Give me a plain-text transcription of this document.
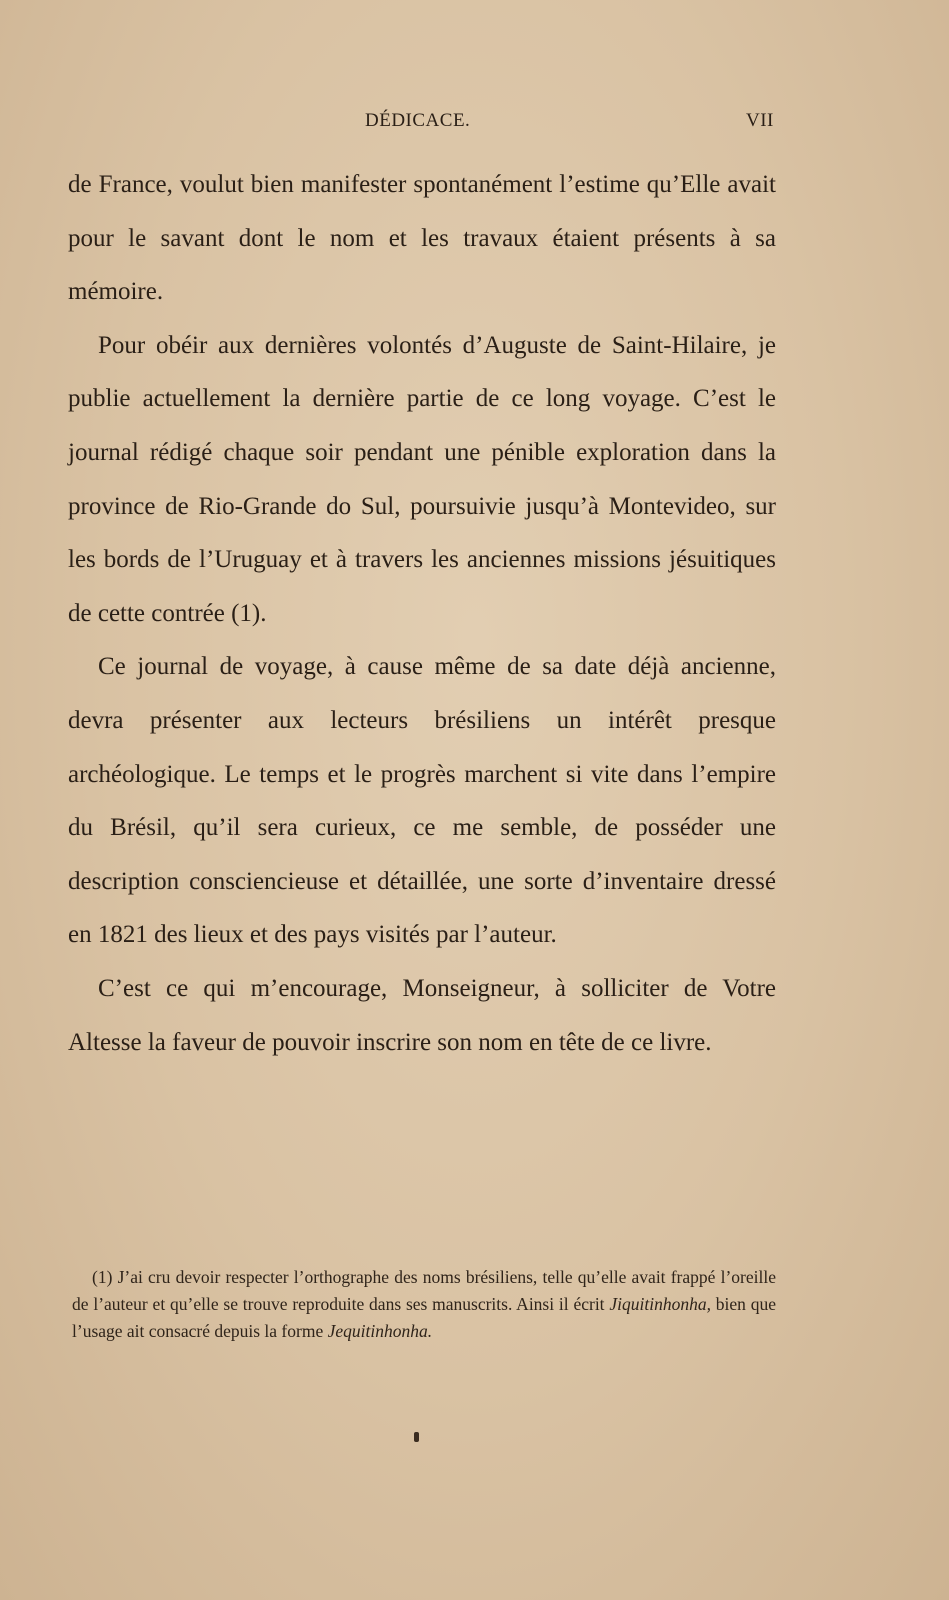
DÉDICACE.	VII

de France, voulut bien manifester spontanément l’estime qu’Elle avait pour le savant dont le nom et les travaux étaient présents à sa mémoire.

Pour obéir aux dernières volontés d’Auguste de Saint-Hilaire, je publie actuellement la dernière partie de ce long voyage. C’est le journal rédigé chaque soir pendant une pénible exploration dans la province de Rio-Grande do Sul, poursuivie jusqu’à Montevideo, sur les bords de l’Uruguay et à travers les anciennes missions jésuitiques de cette contrée (1).

Ce journal de voyage, à cause même de sa date déjà ancienne, devra présenter aux lecteurs brésiliens un intérêt presque archéologique. Le temps et le progrès marchent si vite dans l’empire du Brésil, qu’il sera curieux, ce me semble, de posséder une description consciencieuse et détaillée, une sorte d’inventaire dressé en 1821 des lieux et des pays visités par l’auteur.

C’est ce qui m’encourage, Monseigneur, à solliciter de Votre Altesse la faveur de pouvoir inscrire son nom en tête de ce livre.

(1) J’ai cru devoir respecter l’orthographe des noms brésiliens, telle qu’elle avait frappé l’oreille de l’auteur et qu’elle se trouve reproduite dans ses manuscrits. Ainsi il écrit Jiquitinhonha, bien que l’usage ait consacré depuis la forme Jequitinhonha.
